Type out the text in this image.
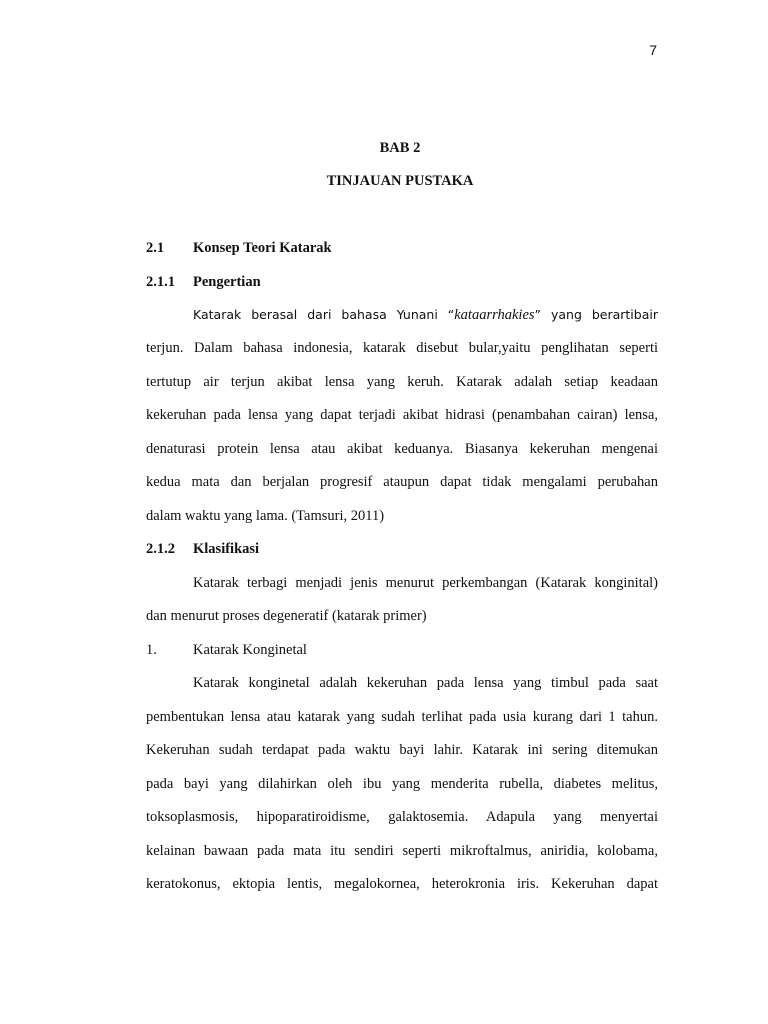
7
BAB 2
TINJAUAN PUSTAKA
2.1 Konsep Teori Katarak
2.1.1 Pengertian
Katarak berasal dari bahasa Yunani “kataarrhakies” yang berartibair
terjun. Dalam bahasa indonesia, katarak disebut bular,yaitu penglihatan seperti
tertutup air terjun akibat lensa yang keruh. Katarak adalah setiap keadaan
kekeruhan pada lensa yang dapat terjadi akibat hidrasi (penambahan cairan) lensa,
denaturasi protein lensa atau akibat keduanya. Biasanya kekeruhan mengenai
kedua mata dan berjalan progresif ataupun dapat tidak mengalami perubahan
dalam waktu yang lama. (Tamsuri, 2011)
2.1.2 Klasifikasi
Katarak terbagi menjadi jenis menurut perkembangan (Katarak konginital)
dan menurut proses degeneratif (katarak primer)
1. Katarak Konginetal
Katarak konginetal adalah kekeruhan pada lensa yang timbul pada saat
pembentukan lensa atau katarak yang sudah terlihat pada usia kurang dari 1 tahun.
Kekeruhan sudah terdapat pada waktu bayi lahir. Katarak ini sering ditemukan
pada bayi yang dilahirkan oleh ibu yang menderita rubella, diabetes melitus,
toksoplasmosis, hipoparatiroidisme, galaktosemia. Adapula yang menyertai
kelainan bawaan pada mata itu sendiri seperti mikroftalmus, aniridia, kolobama,
keratokonus, ektopia lentis, megalokornea, heterokronia iris. Kekeruhan dapat
